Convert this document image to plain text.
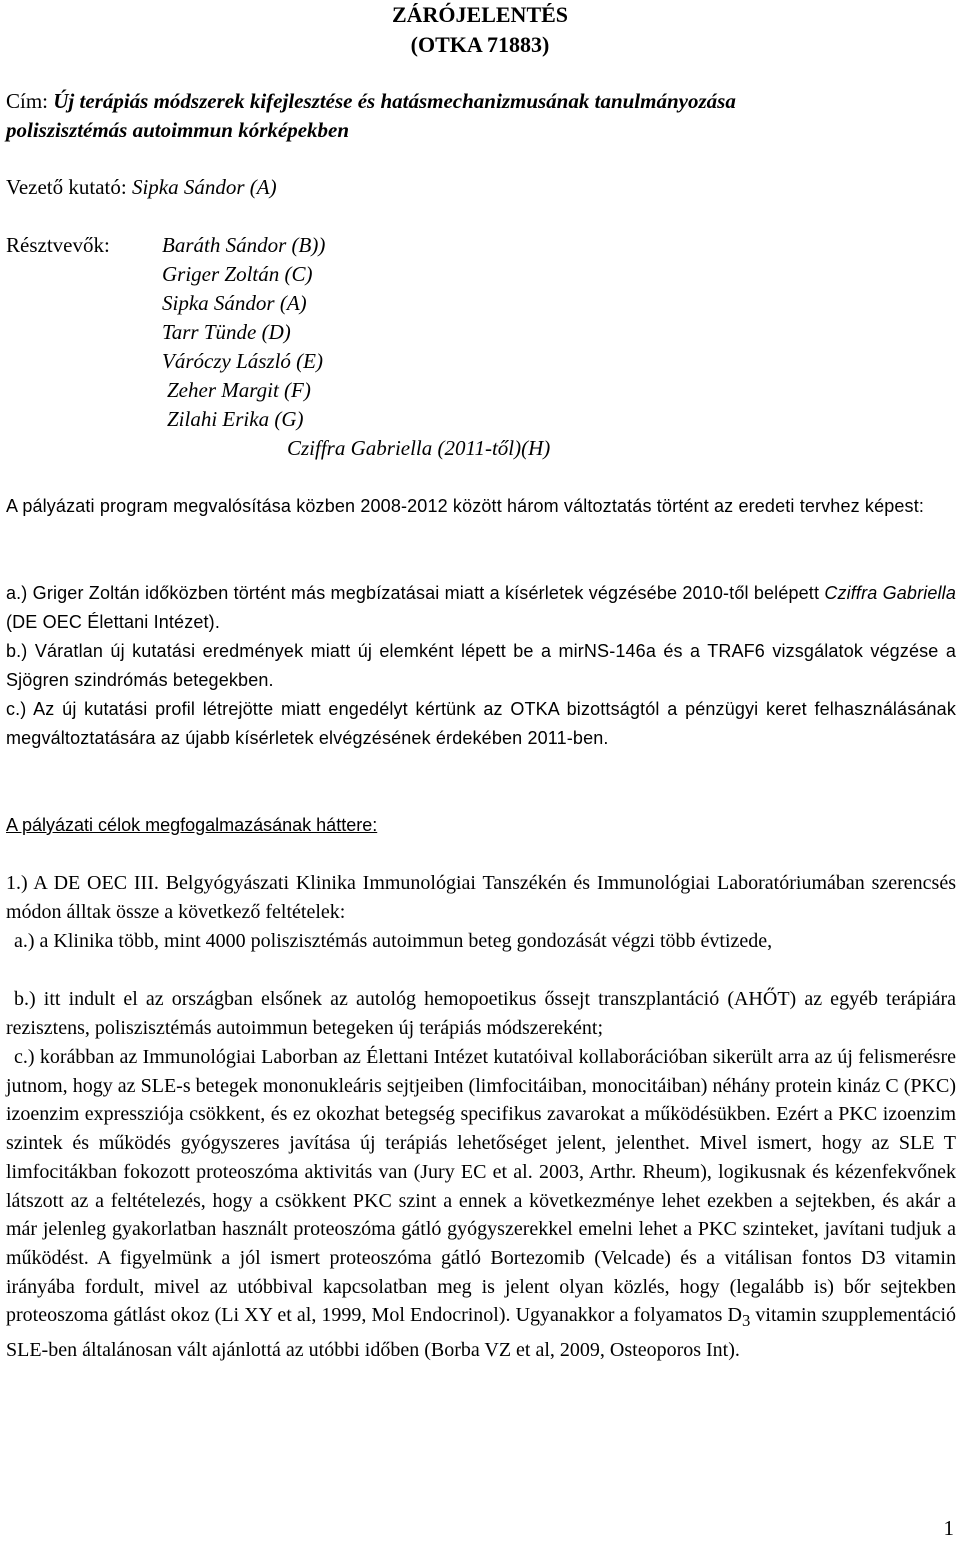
ZÁRÓJELENTÉS
(OTKA 71883)
Cím: Új terápiás módszerek kifejlesztése és hatásmechanizmusának tanulmányozása
poliszisztémás autoimmun kórképekben
Vezető kutató: Sipka Sándor (A)
Résztvevők:	Baráth Sándor (B))
Griger Zoltán (C)
Sipka Sándor (A)
Tarr Tünde (D)
Váróczy László (E)
Zeher Margit (F)
Zilahi Erika (G)
Cziffra Gabriella (2011-től)(H)
A pályázati program megvalósítása közben 2008-2012 között három változtatás történt az eredeti tervhez képest:
a.) Griger Zoltán időközben történt más megbízatásai miatt a kísérletek végzésébe 2010-től belépett Cziffra Gabriella (DE OEC Élettani Intézet).
b.) Váratlan új kutatási eredmények miatt új elemként lépett be a mirNS-146a és a TRAF6 vizsgálatok végzése a Sjögren szindrómás betegekben.
c.) Az új kutatási profil létrejötte miatt engedélyt kértünk az OTKA bizottságtól a pénzügyi keret felhasználásának megváltoztatására az újabb kísérletek elvégzésének érdekében 2011-ben.
A pályázati célok megfogalmazásának háttere:
1.) A DE OEC III. Belgyógyászati Klinika Immunológiai Tanszékén és Immunológiai Laboratóriumában szerencsés módon álltak össze a következő feltételek:
a.) a Klinika több, mint 4000 poliszisztémás autoimmun beteg gondozását végzi több évtizede,
b.) itt indult el az országban elsőnek az autológ hemopoetikus őssejt transzplantáció (AHŐT) az egyéb terápiára rezisztens, poliszisztémás autoimmun betegeken új terápiás módszereként;
c.) korábban az Immunológiai Laborban az Élettani Intézet kutatóival kollaborációban sikerült arra az új felismerésre jutnom, hogy az SLE-s betegek mononukleáris sejtjeiben (limfocitáiban, monocitáiban) néhány protein kináz C (PKC) izoenzim expressziója csökkent, és ez okozhat betegség specifikus zavarokat a működésükben. Ezért a PKC izoenzim szintek és működés gyógyszeres javítása új terápiás lehetőséget jelent, jelenthet. Mivel ismert, hogy az SLE T limfocitákban fokozott proteoszóma aktivitás van (Jury EC et al. 2003, Arthr. Rheum), logikusnak és kézenfekvőnek látszott az a feltételezés, hogy a csökkent PKC szint a ennek a következménye lehet ezekben a sejtekben, és akár a már jelenleg gyakorlatban használt proteoszóma gátló gyógyszerekkel emelni lehet a PKC szinteket, javítani tudjuk a működést. A figyelmünk a jól ismert proteoszóma gátló Bortezomib (Velcade) és a vitálisan fontos D3 vitamin irányába fordult, mivel az utóbbival kapcsolatban meg is jelent olyan közlés, hogy (legalább is) bőr sejtekben proteoszoma gátlást okoz (Li XY et al, 1999, Mol Endocrinol). Ugyanakkor a folyamatos $D_3$ vitamin szupplementáció SLE-ben általánosan vált ajánlottá az utóbbi időben (Borba VZ et al, 2009, Osteoporos Int).
1
